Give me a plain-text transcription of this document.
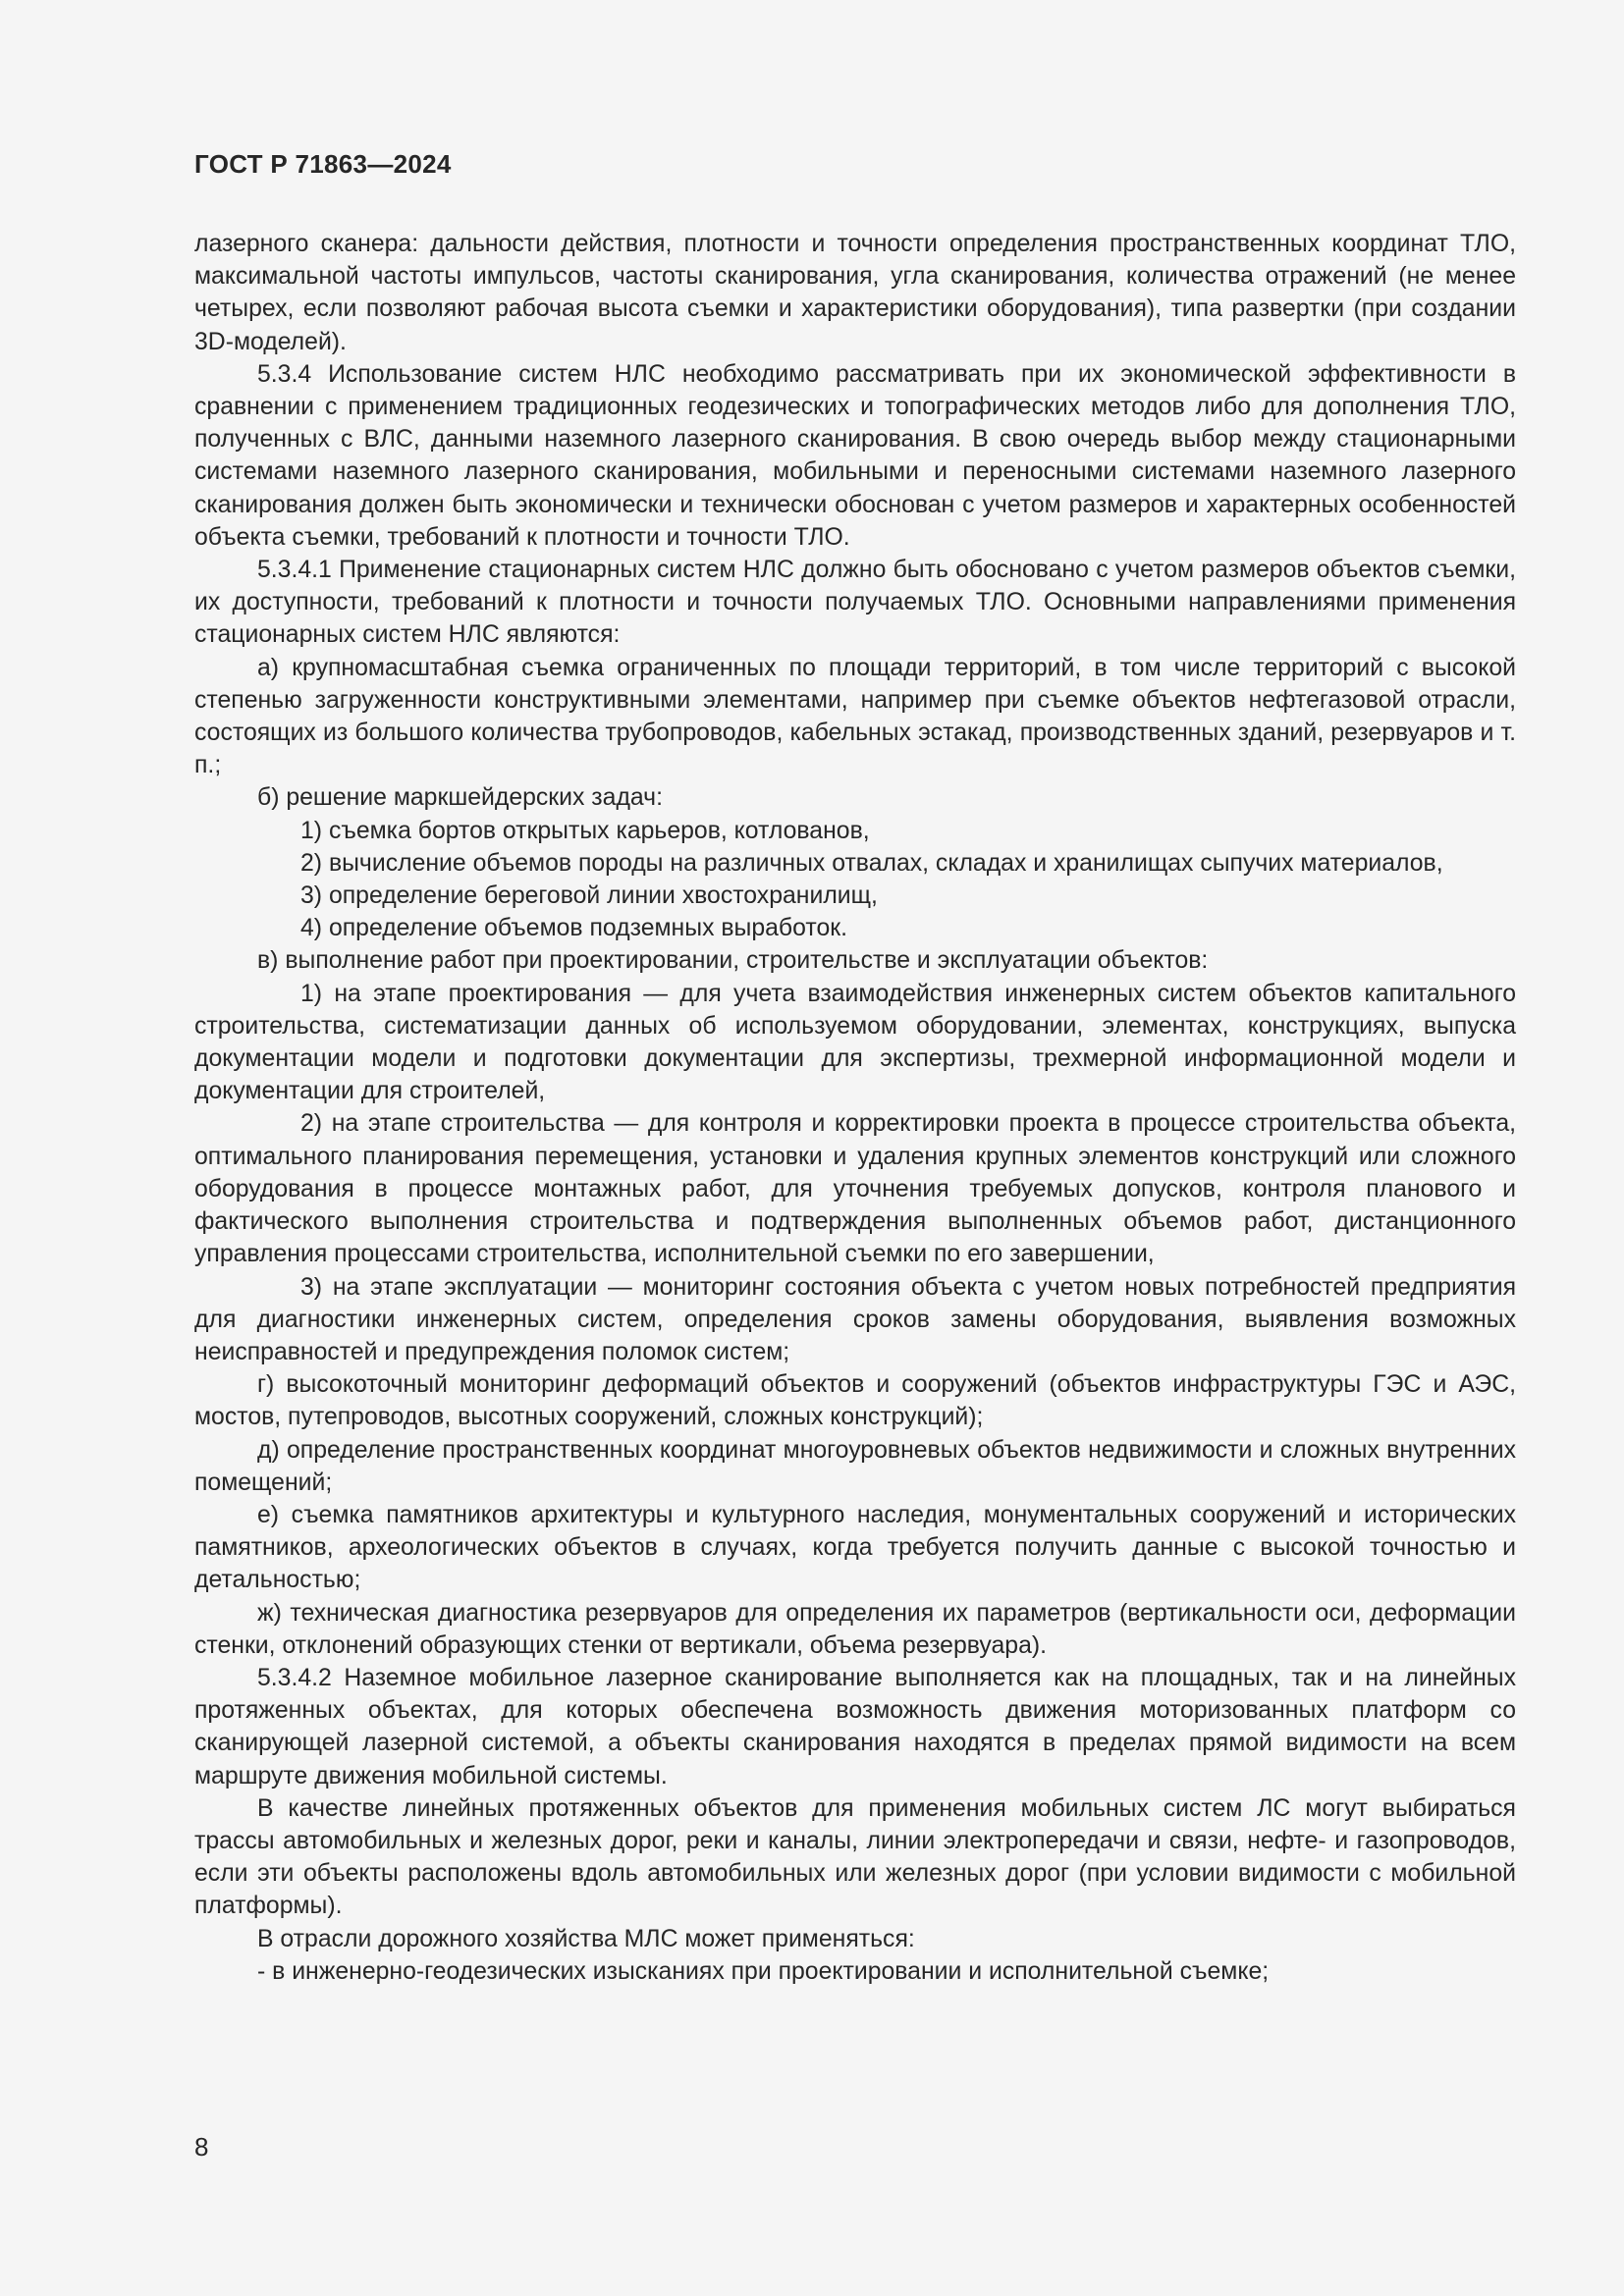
ГОСТ Р 71863—2024

лазерного сканера: дальности действия, плотности и точности определения пространственных координат ТЛО, максимальной частоты импульсов, частоты сканирования, угла сканирования, количества отражений (не менее четырех, если позволяют рабочая высота съемки и характеристики оборудования), типа развертки (при создании 3D-моделей).

5.3.4 Использование систем НЛС необходимо рассматривать при их экономической эффективности в сравнении с применением традиционных геодезических и топографических методов либо для дополнения ТЛО, полученных с ВЛС, данными наземного лазерного сканирования. В свою очередь выбор между стационарными системами наземного лазерного сканирования, мобильными и переносными системами наземного лазерного сканирования должен быть экономически и технически обоснован с учетом размеров и характерных особенностей объекта съемки, требований к плотности и точности ТЛО.

5.3.4.1 Применение стационарных систем НЛС должно быть обосновано с учетом размеров объектов съемки, их доступности, требований к плотности и точности получаемых ТЛО. Основными направлениями применения стационарных систем НЛС являются:

а) крупномасштабная съемка ограниченных по площади территорий, в том числе территорий с высокой степенью загруженности конструктивными элементами, например при съемке объектов нефтегазовой отрасли, состоящих из большого количества трубопроводов, кабельных эстакад, производственных зданий, резервуаров и т. п.;

б) решение маркшейдерских задач:

1) съемка бортов открытых карьеров, котлованов,

2) вычисление объемов породы на различных отвалах, складах и хранилищах сыпучих материалов,

3) определение береговой линии хвостохранилищ,

4) определение объемов подземных выработок.

в) выполнение работ при проектировании, строительстве и эксплуатации объектов:

1) на этапе проектирования — для учета взаимодействия инженерных систем объектов капитального строительства, систематизации данных об используемом оборудовании, элементах, конструкциях, выпуска документации модели и подготовки документации для экспертизы, трехмерной информационной модели и документации для строителей,

2) на этапе строительства — для контроля и корректировки проекта в процессе строительства объекта, оптимального планирования перемещения, установки и удаления крупных элементов конструкций или сложного оборудования в процессе монтажных работ, для уточнения требуемых допусков, контроля планового и фактического выполнения строительства и подтверждения выполненных объемов работ, дистанционного управления процессами строительства, исполнительной съемки по его завершении,

3) на этапе эксплуатации — мониторинг состояния объекта с учетом новых потребностей предприятия для диагностики инженерных систем, определения сроков замены оборудования, выявления возможных неисправностей и предупреждения поломок систем;

г) высокоточный мониторинг деформаций объектов и сооружений (объектов инфраструктуры ГЭС и АЭС, мостов, путепроводов, высотных сооружений, сложных конструкций);

д) определение пространственных координат многоуровневых объектов недвижимости и сложных внутренних помещений;

е) съемка памятников архитектуры и культурного наследия, монументальных сооружений и исторических памятников, археологических объектов в случаях, когда требуется получить данные с высокой точностью и детальностью;

ж) техническая диагностика резервуаров для определения их параметров (вертикальности оси, деформации стенки, отклонений образующих стенки от вертикали, объема резервуара).

5.3.4.2 Наземное мобильное лазерное сканирование выполняется как на площадных, так и на линейных протяженных объектах, для которых обеспечена возможность движения моторизованных платформ со сканирующей лазерной системой, а объекты сканирования находятся в пределах прямой видимости на всем маршруте движения мобильной системы.

В качестве линейных протяженных объектов для применения мобильных систем ЛС могут выбираться трассы автомобильных и железных дорог, реки и каналы, линии электропередачи и связи, нефте- и газопроводов, если эти объекты расположены вдоль автомобильных или железных дорог (при условии видимости с мобильной платформы).

В отрасли дорожного хозяйства МЛС может применяться:

- в инженерно-геодезических изысканиях при проектировании и исполнительной съемке;

8
